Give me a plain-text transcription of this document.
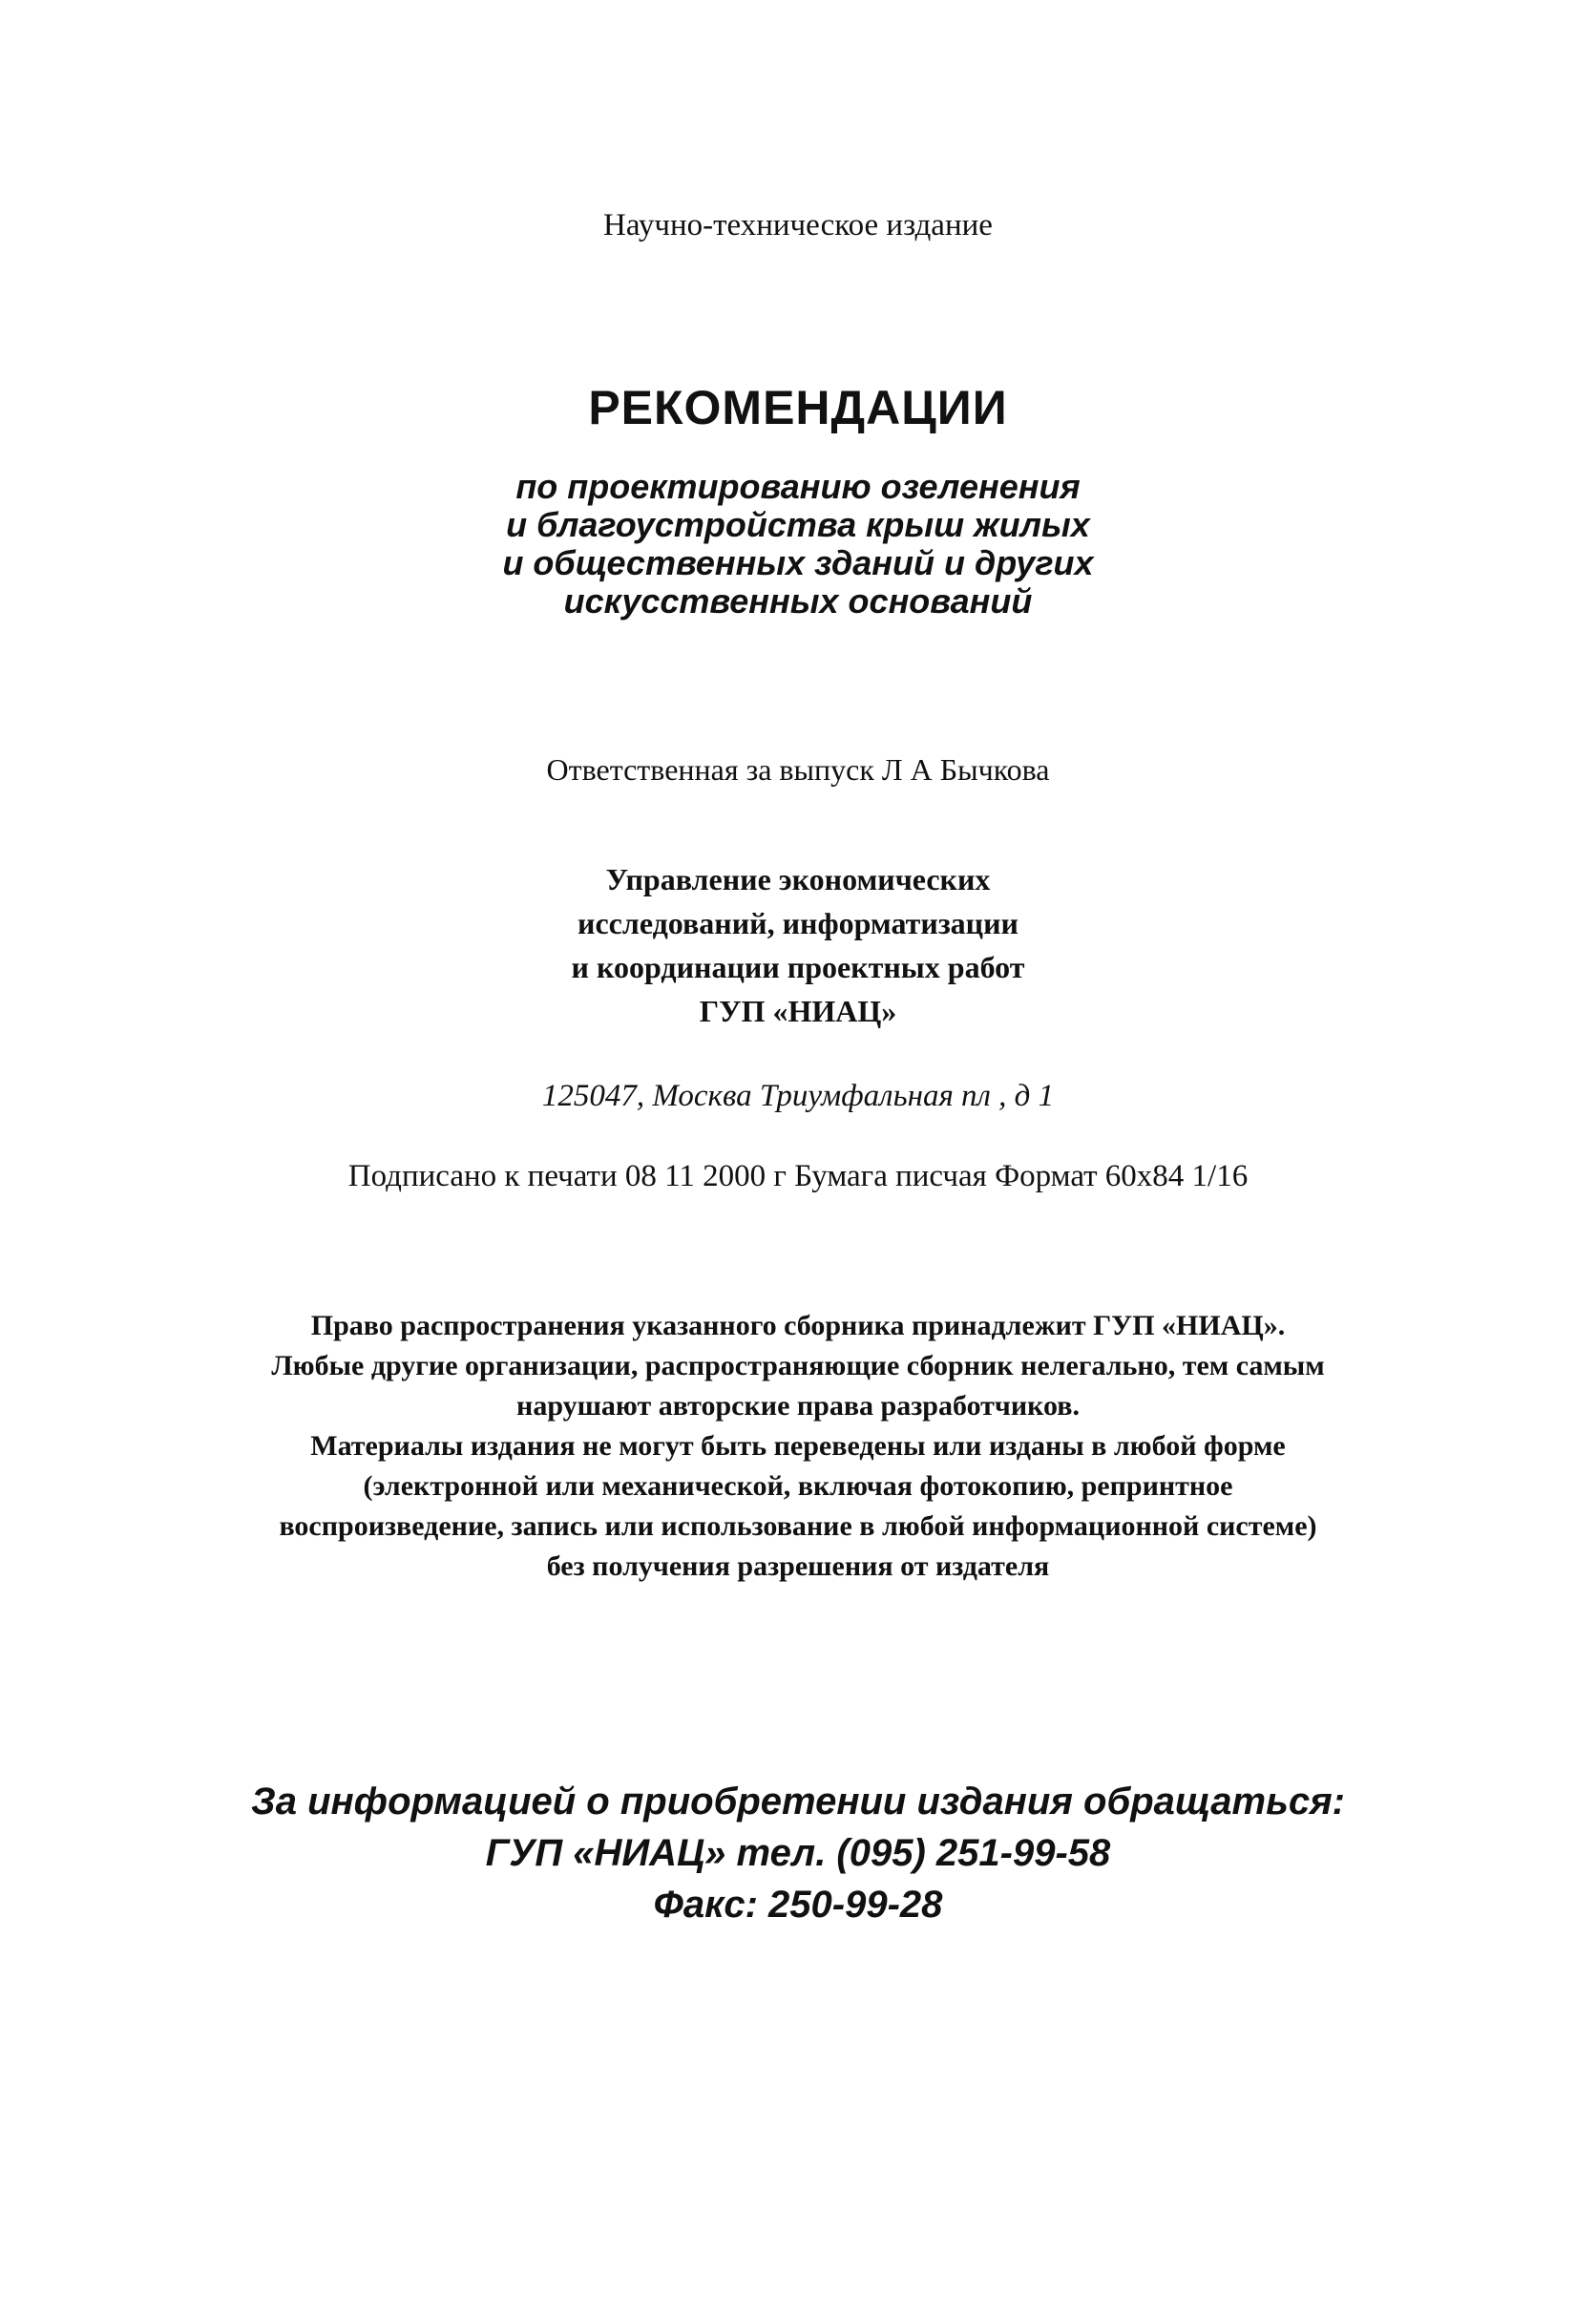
Научно-техническое издание
РЕКОМЕНДАЦИИ
по проектированию озеленения
и благоустройства крыш жилых
и общественных зданий и других
искусственных оснований
Ответственная за выпуск Л А Бычкова
Управление экономических
исследований, информатизации
и координации проектных работ
ГУП «НИАЦ»
125047, Москва Триумфальная пл , д 1
Подписано к печати 08 11 2000 г Бумага писчая Формат 60x84 1/16
Право распространения указанного сборника принадлежит ГУП «НИАЦ».
Любые другие организации, распространяющие сборник нелегально, тем самым
нарушают авторские права разработчиков.
Материалы издания не могут быть переведены или изданы в любой форме
(электронной или механической, включая фотокопию, репринтное
воспроизведение, запись или использование в любой информационной системе)
без получения разрешения от издателя
За информацией о приобретении издания обращаться:
ГУП «НИАЦ» тел. (095) 251-99-58
Факс: 250-99-28
